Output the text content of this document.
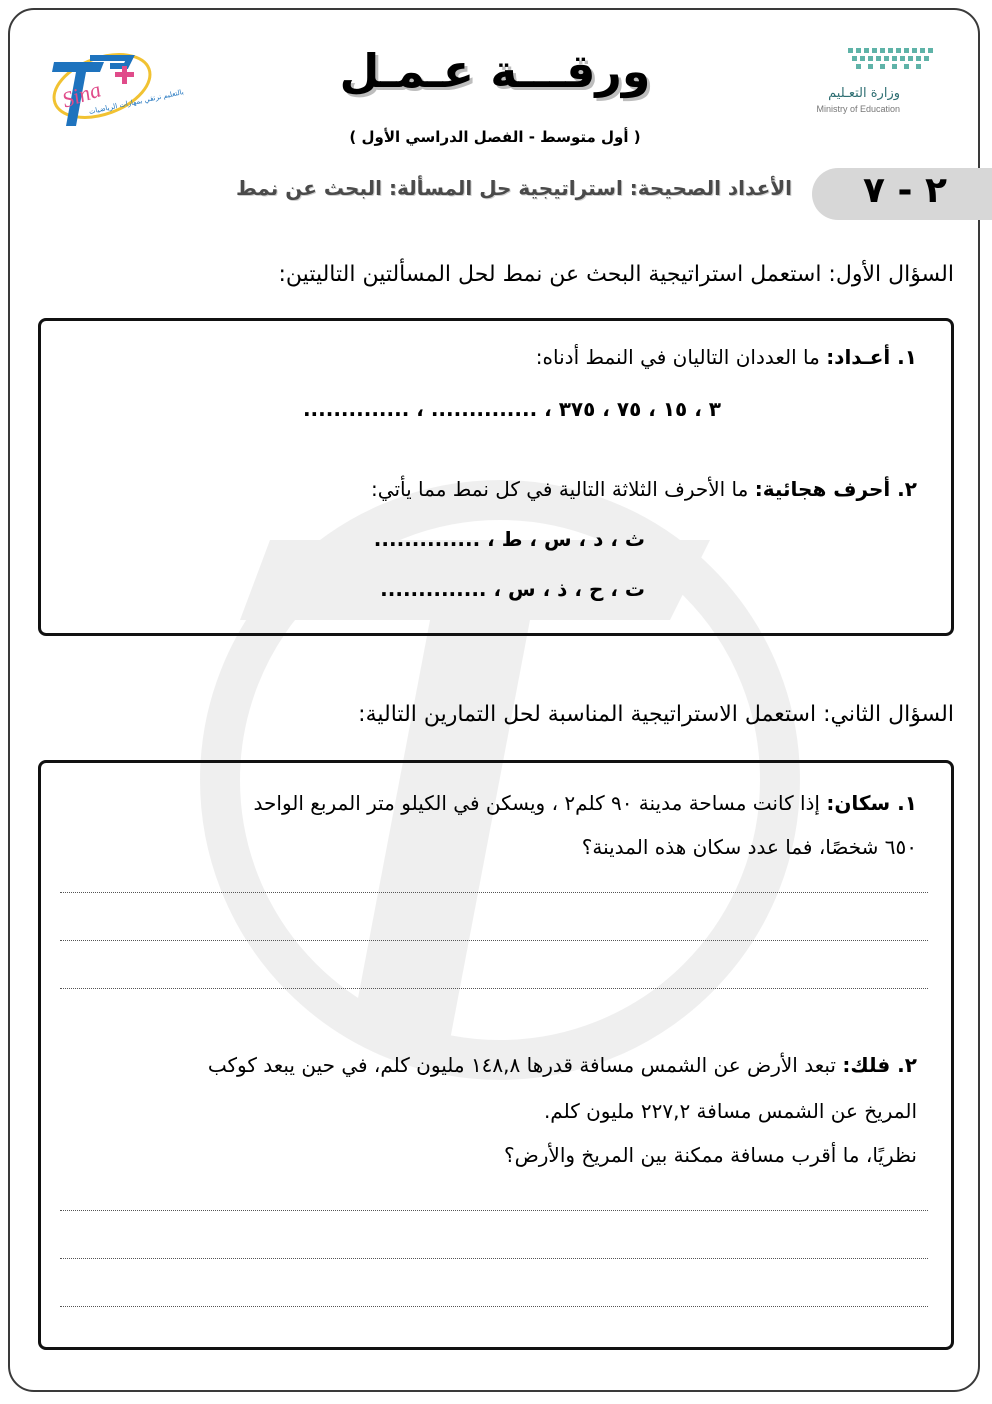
Sina
بالتعليم نرتقي بمهارات الرياضيات	وزارة التعـليم
Ministry of Education
ورقـــة عـمـل
( أول متوسط - الفصل الدراسي الأول )
٢ - ٧
الأعداد الصحيحة: استراتيجية حل المسألة: البحث عن نمط
السؤال الأول: استعمل استراتيجية البحث عن نمط لحل المسألتين التاليتين:
١. أعـداد: ما العددان التاليان في النمط أدناه:
٣ ، ١٥ ، ٧٥ ، ٣٧٥ ، .............. ، ..............
٢. أحرف هجائية: ما الأحرف الثلاثة التالية في كل نمط مما يأتي:
ث ، د ، س ، ط ، ..............
ت ، ح ، ذ ، س ، ..............
السؤال الثاني: استعمل الاستراتيجية المناسبة لحل التمارين التالية:
١. سكان: إذا كانت مساحة مدينة ٩٠ كلم٢ ، ويسكن في الكيلو متر المربع الواحد
٦٥٠ شخصًا، فما عدد سكان هذه المدينة؟
٢. فلك: تبعد الأرض عن الشمس مسافة قدرها ١٤٨,٨ مليون كلم، في حين يبعد كوكب
المريخ عن الشمس مسافة ٢٢٧,٢ مليون كلم.
نظريًا، ما أقرب مسافة ممكنة بين المريخ والأرض؟
